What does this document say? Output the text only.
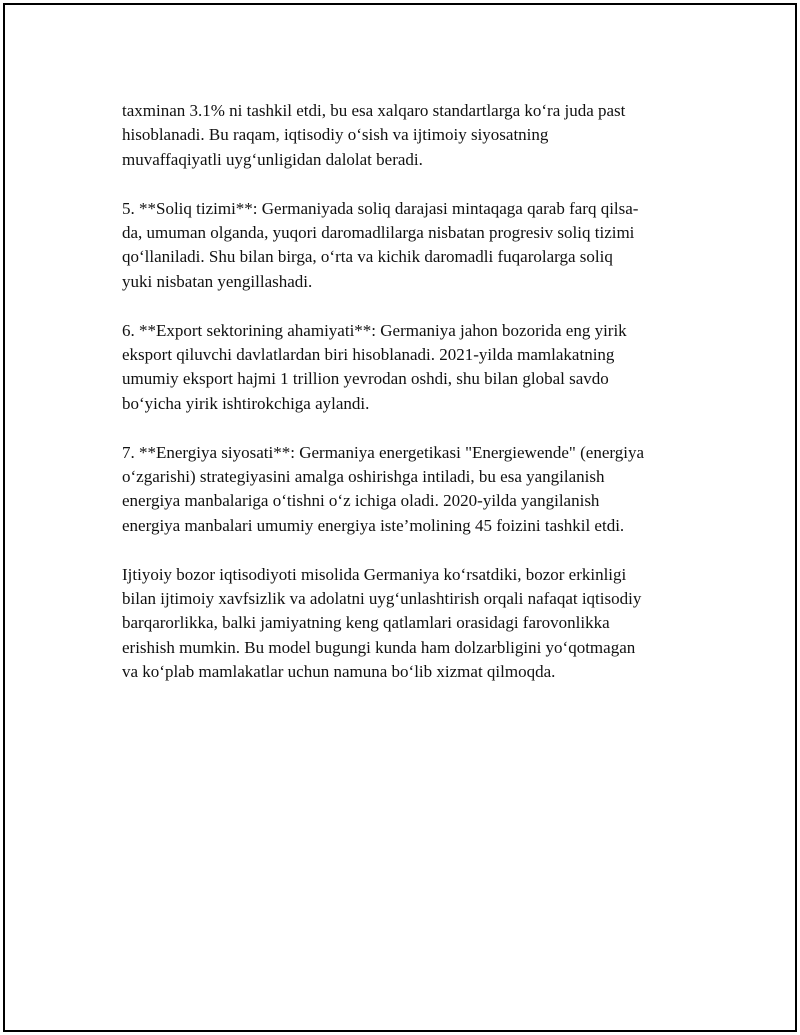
taxminan 3.1% ni tashkil etdi, bu esa xalqaro standartlarga ko‘ra juda past
hisoblanadi. Bu raqam, iqtisodiy o‘sish va ijtimoiy siyosatning
muvaffaqiyatli uyg‘unligidan dalolat beradi.

5. **Soliq tizimi**: Germaniyada soliq darajasi mintaqaga qarab farq qilsa-
da, umuman olganda, yuqori daromadlilarga nisbatan progresiv soliq tizimi
qo‘llaniladi. Shu bilan birga, o‘rta va kichik daromadli fuqarolarga soliq
yuki nisbatan yengillashadi.

6. **Export sektorining ahamiyati**: Germaniya jahon bozorida eng yirik
eksport qiluvchi davlatlardan biri hisoblanadi. 2021-yilda mamlakatning
umumiy eksport hajmi 1 trillion yevrodan oshdi, shu bilan global savdo
bo‘yicha yirik ishtirokchiga aylandi.

7. **Energiya siyosati**: Germaniya energetikasi "Energiewende" (energiya
o‘zgarishi) strategiyasini amalga oshirishga intiladi, bu esa yangilanish
energiya manbalariga o‘tishni o‘z ichiga oladi. 2020-yilda yangilanish
energiya manbalari umumiy energiya iste’molining 45 foizini tashkil etdi.

Ijtiyoiy bozor iqtisodiyoti misolida Germaniya ko‘rsatdiki, bozor erkinligi
bilan ijtimoiy xavfsizlik va adolatni uyg‘unlashtirish orqali nafaqat iqtisodiy
barqarorlikka, balki jamiyatning keng qatlamlari orasidagi farovonlikka
erishish mumkin. Bu model bugungi kunda ham dolzarbligini yo‘qotmagan
va ko‘plab mamlakatlar uchun namuna bo‘lib xizmat qilmoqda.
